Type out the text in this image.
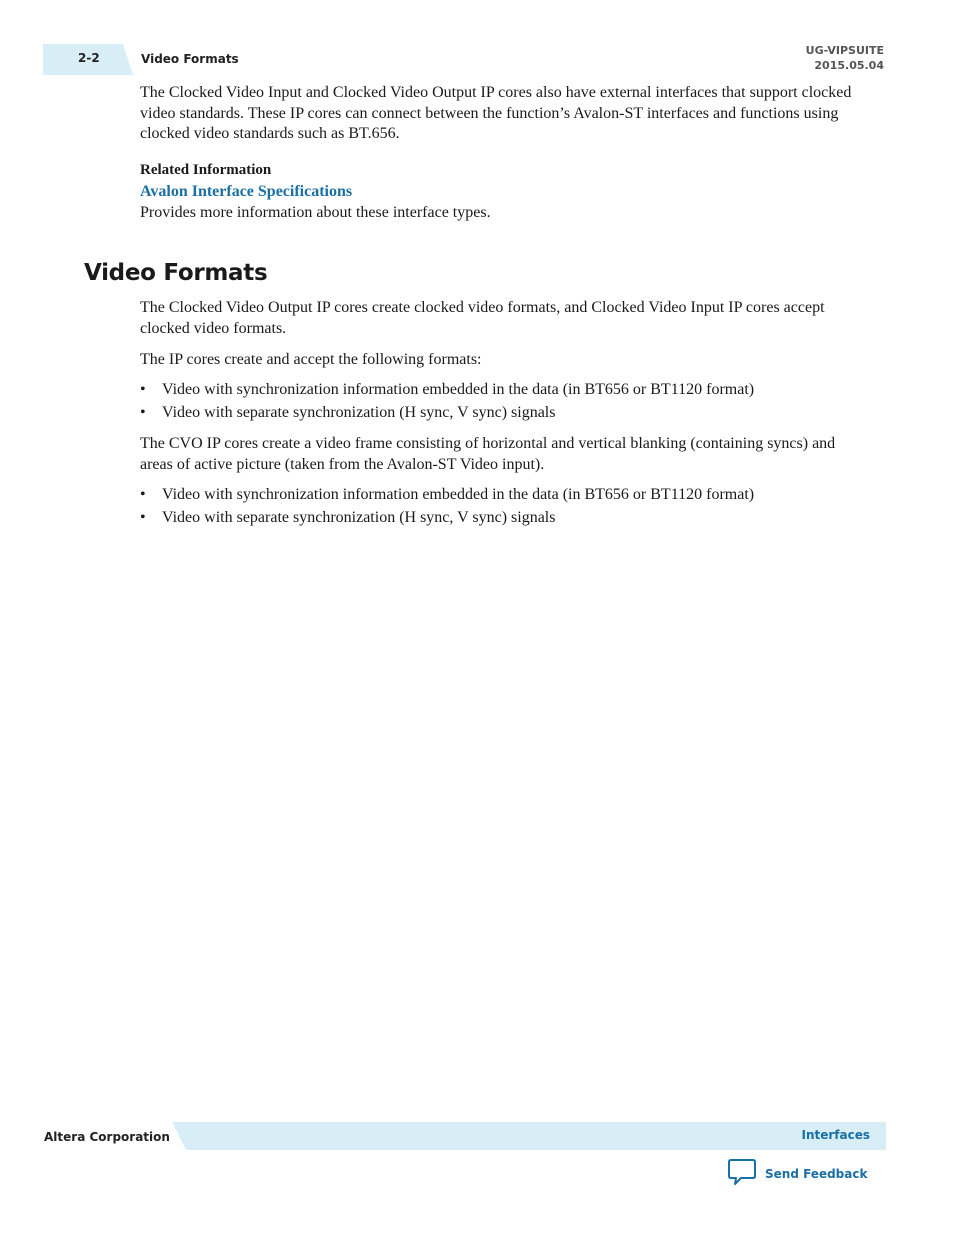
2-2	Video Formats
UG-VIPSUITE
2015.05.04

The Clocked Video Input and Clocked Video Output IP cores also have external interfaces that support clocked video standards. These IP cores can connect between the function’s Avalon-ST interfaces and functions using clocked video standards such as BT.656.

Related Information
Avalon Interface Specifications
Provides more information about these interface types.
Video Formats

The Clocked Video Output IP cores create clocked video formats, and Clocked Video Input IP cores accept clocked video formats.

The IP cores create and accept the following formats:

• Video with synchronization information embedded in the data (in BT656 or BT1120 format)
• Video with separate synchronization (H sync, V sync) signals

The CVO IP cores create a video frame consisting of horizontal and vertical blanking (containing syncs) and areas of active picture (taken from the Avalon-ST Video input).

• Video with synchronization information embedded in the data (in BT656 or BT1120 format)
• Video with separate synchronization (H sync, V sync) signals
Altera Corporation	Interfaces
Send Feedback
